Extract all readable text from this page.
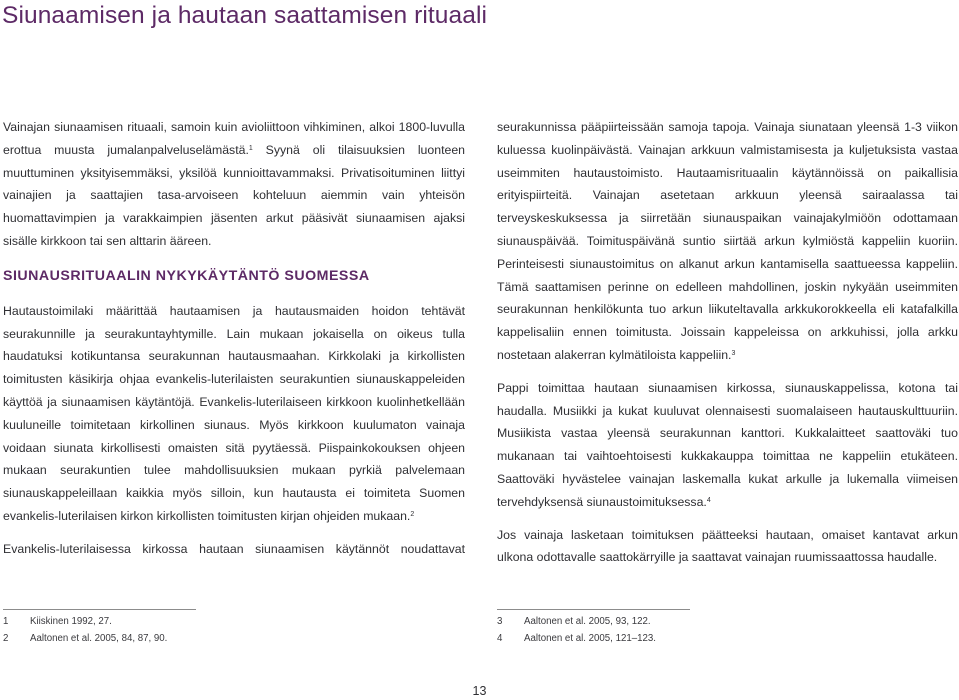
Siunaamisen ja hautaan saattamisen rituaali

Vainajan siunaamisen rituaali, samoin kuin avioliittoon vihkiminen, alkoi 1800-luvulla erottua muusta jumalanpalveluselämästä.$^1$ Syynä oli tilaisuuksien luonteen muuttuminen yksityisemmäksi, yksilöä kunnioittavammaksi. Privatisoituminen liittyi vainajien ja saattajien tasa-arvoiseen kohteluun aiemmin vain yhteisön huomattavimpien ja varakkaimpien jäsenten arkut pääsivät siunaamisen ajaksi sisälle kirkkoon tai sen alttarin ääreen.

SIUNAUSRITUAALIN NYKYKÄYTÄNTÖ SUOMESSA

Hautaustoimilaki määrittää hautaamisen ja hautausmaiden hoidon tehtävät seurakunnille ja seurakuntayhtymille. Lain mukaan jokaisella on oikeus tulla haudatuksi kotikuntansa seurakunnan hautausmaahan. Kirkkolaki ja kirkollisten toimitusten käsikirja ohjaa evankelis-luterilaisten seurakuntien siunauskappeleiden käyttöä ja siunaamisen käytäntöjä. Evankelis-luterilaiseen kirkkoon kuolinhetkellään kuuluneille toimitetaan kirkollinen siunaus. Myös kirkkoon kuulumaton vainaja voidaan siunata kirkollisesti omaisten sitä pyytäessä. Piispainkokouksen ohjeen mukaan seurakuntien tulee mahdollisuuksien mukaan pyrkiä palvelemaan siunauskappeleillaan kaikkia myös silloin, kun hautausta ei toimiteta Suomen evankelis-luterilaisen kirkon kirkollisten toimitusten kirjan ohjeiden mukaan.$^2$

Evankelis-luterilaisessa kirkossa hautaan siunaamisen käytännöt noudattavat

seurakunnissa pääpiirteissään samoja tapoja. Vainaja siunataan yleensä 1-3 viikon kuluessa kuolinpäivästä. Vainajan arkkuun valmistamisesta ja kuljetuksista vastaa useimmiten hautaustoimisto. Hautaamisrituaalin käytännöissä on paikallisia erityispiirteitä. Vainajan asetetaan arkkuun yleensä sairaalassa tai terveyskeskuksessa ja siirretään siunauspaikan vainajakylmiöön odottamaan siunauspäivää. Toimituspäivänä suntio siirtää arkun kylmiöstä kappeliin kuoriin. Perinteisesti siunaustoimitus on alkanut arkun kantamisella saattueessa kappeliin. Tämä saattamisen perinne on edelleen mahdollinen, joskin nykyään useimmiten seurakunnan henkilökunta tuo arkun liikuteltavalla arkkukorokkeella eli katafalkilla kappelisaliin ennen toimitusta. Joissain kappeleissa on arkkuhissi, jolla arkku nostetaan alakerran kylmätiloista kappeliin.$^3$

Pappi toimittaa hautaan siunaamisen kirkossa, siunauskappelissa, kotona tai haudalla. Musiikki ja kukat kuuluvat olennaisesti suomalaiseen hautauskulttuuriin. Musiikista vastaa yleensä seurakunnan kanttori. Kukkalaitteet saattoväki tuo mukanaan tai vaihtoehtoisesti kukkakauppa toimittaa ne kappeliin etukäteen. Saattoväki hyvästelee vainajan laskemalla kukat arkulle ja lukemalla viimeisen tervehdyksensä siunaustoimituksessa.$^4$

Jos vainaja lasketaan toimituksen päätteeksi hautaan, omaiset kantavat arkun ulkona odottavalle saattokärryille ja saattavat vainajan ruumissaattossa haudalle.

1 Kiiskinen 1992, 27.
2 Aaltonen et al. 2005, 84, 87, 90.
3 Aaltonen et al. 2005, 93, 122.
4 Aaltonen et al. 2005, 121–123.
13
